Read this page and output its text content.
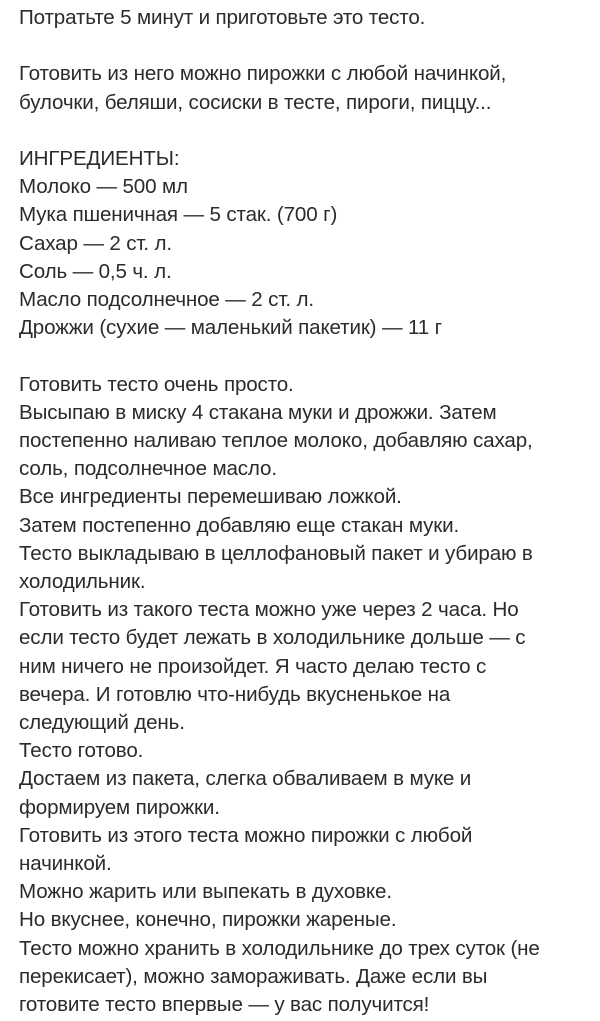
Потратьте 5 минут и приготовьте это тесто.
Готовить из него можно пирожки с любой начинкой,
булочки, беляши, сосиски в тесте, пироги, пиццу...
ИНГРЕДИЕНТЫ:
Молоко — 500 мл
Мука пшеничная — 5 стак. (700 г)
Сахар — 2 ст. л.
Соль — 0,5 ч. л.
Масло подсолнечное — 2 ст. л.
Дрожжи (сухие — маленький пакетик) — 11 г
Готовить тесто очень просто.
Высыпаю в миску 4 стакана муки и дрожжи. Затем
постепенно наливаю теплое молоко, добавляю сахар,
соль, подсолнечное масло.
Все ингредиенты перемешиваю ложкой.
Затем постепенно добавляю еще стакан муки.
Тесто выкладываю в целлофановый пакет и убираю в
холодильник.
Готовить из такого теста можно уже через 2 часа. Но
если тесто будет лежать в холодильнике дольше — с
ним ничего не произойдет. Я часто делаю тесто с
вечера. И готовлю что-нибудь вкусненькое на
следующий день.
Тесто готово.
Достаем из пакета, слегка обваливаем в муке и
формируем пирожки.
Готовить из этого теста можно пирожки с любой
начинкой.
Можно жарить или выпекать в духовке.
Но вкуснее, конечно, пирожки жареные.
Тесто можно хранить в холодильнике до трех суток (не
перекисает), можно замораживать. Даже если вы
готовите тесто впервые — у вас получится!
